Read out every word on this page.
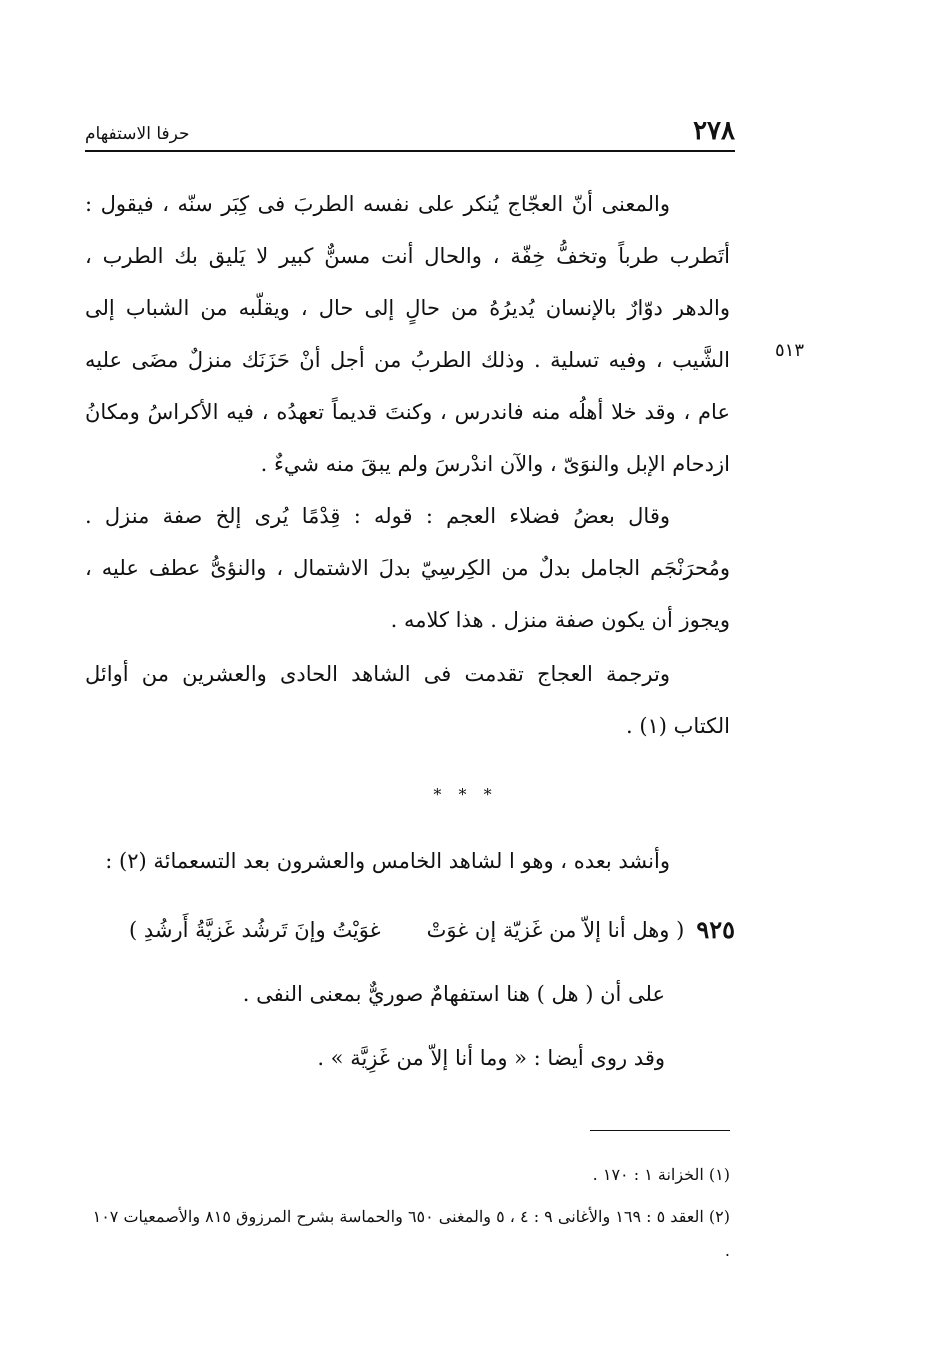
٢٧٨
حرفا الاستفهام
٥١٣

والمعنى أنّ العجّاج يُنكر على نفسه الطربَ فى كِبَر سنّه ، فيقول : أتَطرب طرباً وتخفُّ خِفّة ، والحال أنت مسنٌّ كبير لا يَليق بك الطرب ، والدهر دوّارٌ بالإنسان يُديرُهُ من حالٍ إلى حال ، ويقلّبه من الشباب إلى الشَّيب ، وفيه تسلية . وذلك الطربُ من أجل أنْ حَزَنَك منزلٌ مضَى عليه عام ، وقد خلا أهلُه منه فاندرس ، وكنتَ قديماً تعهدُه ، فيه الأكراسُ ومكانُ ازدحام الإبل والنوَىّ ، والآن اندْرسَ ولم يبقَ منه شيءٌ .

وقال بعضُ فضلاء العجم : قوله : قِدْمًا يُرى إلخ صفة منزل . ومُحرَنْجَم الجامل بدلٌ من الكِرسِيّ بدلَ الاشتمال ، والنؤىُّ عطف عليه ، ويجوز أن يكون صفة منزل . هذا كلامه .

وترجمة العجاج تقدمت فى الشاهد الحادى والعشرين من أوائل الكتاب (١) .

* * *

وأنشد بعده ، وهو ا لشاهد الخامس والعشرون بعد التسعمائة (٢) :

٩٢٥
( وهل أنا إلاّ من غَزيّة إن غوَتْ
غوَيْتُ وإنَ تَرشُد غَزيَّةُ أَرشُدِ )
على أن ( هل ) هنا استفهامٌ صوريٌّ بمعنى النفى .
وقد روى أيضا : « وما أنا إلاّ من غَزِيَّة » .
(١) الخزانة ١ : ١٧٠ .
(٢) العقد ٥ : ١٦٩ والأغانى ٩ : ٤ ، ٥ والمغنى ٦٥٠ والحماسة بشرح المرزوق ٨١٥ والأصمعيات ١٠٧ .
